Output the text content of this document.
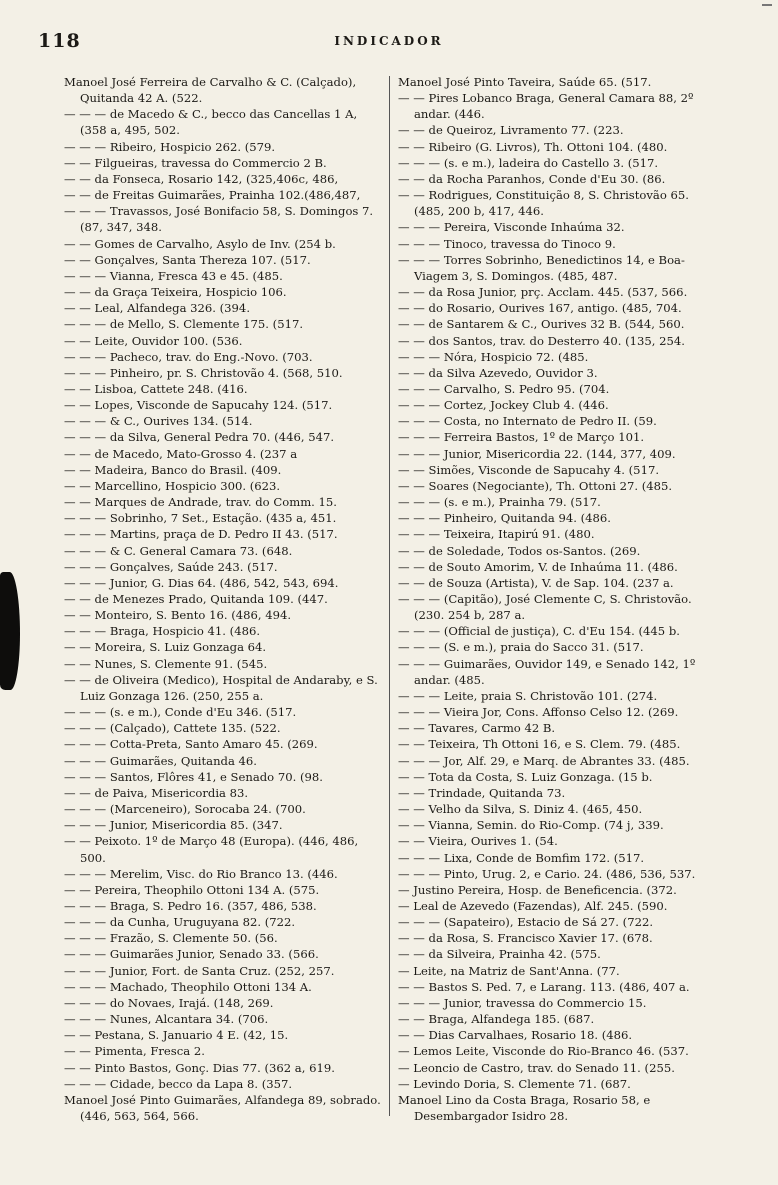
118	INDICADOR

Manoel José Ferreira de Carvalho & C. (Calçado), Quitanda 42 A. (522.

— — — de Macedo & C., becco das Cancellas 1 A, (358 a, 495, 502.

— — — Ribeiro, Hospicio 262. (579.

— — Filgueiras, travessa do Commercio 2 B.

— — da Fonseca, Rosario 142, (325,406c, 486,

— — de Freitas Guimarães, Prainha 102.(486,487,

— — — Travassos, José Bonifacio 58, S. Domingos 7. (87, 347, 348.

— — Gomes de Carvalho, Asylo de Inv. (254 b.

— — Gonçalves, Santa Thereza 107. (517.

— — — Vianna, Fresca 43 e 45. (485.

— — da Graça Teixeira, Hospicio 106.

— — Leal, Alfandega 326. (394.

— — — de Mello, S. Clemente 175. (517.

— — Leite, Ouvidor 100. (536.

— — — Pacheco, trav. do Eng.-Novo. (703.

— — — Pinheiro, pr. S. Christovão 4. (568, 510.

— — Lisboa, Cattete 248. (416.

— — Lopes, Visconde de Sapucahy 124. (517.

— — — & C., Ourives 134. (514.

— — — da Silva, General Pedra 70. (446, 547.

— — de Macedo, Mato-Grosso 4. (237 a

— — Madeira, Banco do Brasil. (409.

— — Marcellino, Hospicio 300. (623.

— — Marques de Andrade, trav. do Comm. 15.

— — — Sobrinho, 7 Set., Estação. (435 a, 451.

— — — Martins, praça de D. Pedro II 43. (517.

— — — & C. General Camara 73. (648.

— — — Gonçalves, Saúde 243. (517.

— — — Junior, G. Dias 64. (486, 542, 543, 694.

— — de Menezes Prado, Quitanda 109. (447.

— — Monteiro, S. Bento 16. (486, 494.

— — — Braga, Hospicio 41. (486.

— — Moreira, S. Luiz Gonzaga 64.

— — Nunes, S. Clemente 91. (545.

— — de Oliveira (Medico), Hospital de Andaraby, e S. Luiz Gonzaga 126. (250, 255 a.

— — — (s. e m.), Conde d'Eu 346. (517.

— — — (Calçado), Cattete 135. (522.

— — — Cotta-Preta, Santo Amaro 45. (269.

— — — Guimarães, Quitanda 46.

— — — Santos, Flôres 41, e Senado 70. (98.

— — de Paiva, Misericordia 83.

— — — (Marceneiro), Sorocaba 24. (700.

— — — Junior, Misericordia 85. (347.

— — Peixoto. 1º de Março 48 (Europa). (446, 486, 500.

— — — Merelim, Visc. do Rio Branco 13. (446.

— — Pereira, Theophilo Ottoni 134 A. (575.

— — — Braga, S. Pedro 16. (357, 486, 538.

— — — da Cunha, Uruguyana 82. (722.

— — — Frazão, S. Clemente 50. (56.

— — — Guimarães Junior, Senado 33. (566.

— — — Junior, Fort. de Santa Cruz. (252, 257.

— — — Machado, Theophilo Ottoni 134 A.

— — — do Novaes, Irajá. (148, 269.

— — — Nunes, Alcantara 34. (706.

— — Pestana, S. Januario 4 E. (42, 15.

— — Pimenta, Fresca 2.

— — Pinto Bastos, Gonç. Dias 77. (362 a, 619.

— — — Cidade, becco da Lapa 8. (357.

Manoel José Pinto Guimarães, Alfandega 89, sobrado. (446, 563, 564, 566.

Manoel José Pinto Taveira, Saúde 65. (517.

— — Pires Lobanco Braga, General Camara 88, 2º andar. (446.

— — de Queiroz, Livramento 77. (223.

— — Ribeiro (G. Livros), Th. Ottoni 104. (480.

— — — (s. e m.), ladeira do Castello 3. (517.

— — da Rocha Paranhos, Conde d'Eu 30. (86.

— — Rodrigues, Constituição 8, S. Christovão 65. (485, 200 b, 417, 446.

— — — Pereira, Visconde Inhaúma 32.

— — — Tinoco, travessa do Tinoco 9.

— — — Torres Sobrinho, Benedictinos 14, e Boa-Viagem 3, S. Domingos. (485, 487.

— — da Rosa Junior, prç. Acclam. 445. (537, 566.

— — do Rosario, Ourives 167, antigo. (485, 704.

— — de Santarem & C., Ourives 32 B. (544, 560.

— — dos Santos, trav. do Desterro 40. (135, 254.

— — — Nóra, Hospicio 72. (485.

— — da Silva Azevedo, Ouvidor 3.

— — — Carvalho, S. Pedro 95. (704.

— — — Cortez, Jockey Club 4. (446.

— — — Costa, no Internato de Pedro II. (59.

— — — Ferreira Bastos, 1º de Março 101.

— — — Junior, Misericordia 22. (144, 377, 409.

— — Simões, Visconde de Sapucahy 4. (517.

— — Soares (Negociante), Th. Ottoni 27. (485.

— — — (s. e m.), Prainha 79. (517.

— — — Pinheiro, Quitanda 94. (486.

— — — Teixeira, Itapirú 91. (480.

— — de Soledade, Todos os-Santos. (269.

— — de Souto Amorim, V. de Inhaúma 11. (486.

— — de Souza (Artista), V. de Sap. 104. (237 a.

— — — (Capitão), José Clemente C, S. Christovão. (230. 254 b, 287 a.

— — — (Official de justiça), C. d'Eu 154. (445 b.

— — — (S. e m.), praia do Sacco 31. (517.

— — — Guimarães, Ouvidor 149, e Senado 142, 1º andar. (485.

— — — Leite, praia S. Christovão 101. (274.

— — — Vieira Jor, Cons. Affonso Celso 12. (269.

— — Tavares, Carmo 42 B.

— — Teixeira, Th Ottoni 16, e S. Clem. 79. (485.

— — — Jor, Alf. 29, e Marq. de Abrantes 33. (485.

— — Tota da Costa, S. Luiz Gonzaga. (15 b.

— — Trindade, Quitanda 73.

— — Velho da Silva, S. Diniz 4. (465, 450.

— — Vianna, Semin. do Rio-Comp. (74 j, 339.

— — Vieira, Ourives 1. (54.

— — — Lixa, Conde de Bomfim 172. (517.

— — — Pinto, Urug. 2, e Cario. 24. (486, 536, 537.

— Justino Pereira, Hosp. de Beneficencia. (372.

— Leal de Azevedo (Fazendas), Alf. 245. (590.

— — — (Sapateiro), Estacio de Sá 27. (722.

— — da Rosa, S. Francisco Xavier 17. (678.

— — da Silveira, Prainha 42. (575.

— Leite, na Matriz de Sant'Anna. (77.

— — Bastos S. Ped. 7, e Larang. 113. (486, 407 a.

— — — Junior, travessa do Commercio 15.

— — Braga, Alfandega 185. (687.

— — Dias Carvalhaes, Rosario 18. (486.

— Lemos Leite, Visconde do Rio-Branco 46. (537.

— Leoncio de Castro, trav. do Senado 11. (255.

— Levindo Doria, S. Clemente 71. (687.

Manoel Lino da Costa Braga, Rosario 58, e Desembargador Isidro 28.
